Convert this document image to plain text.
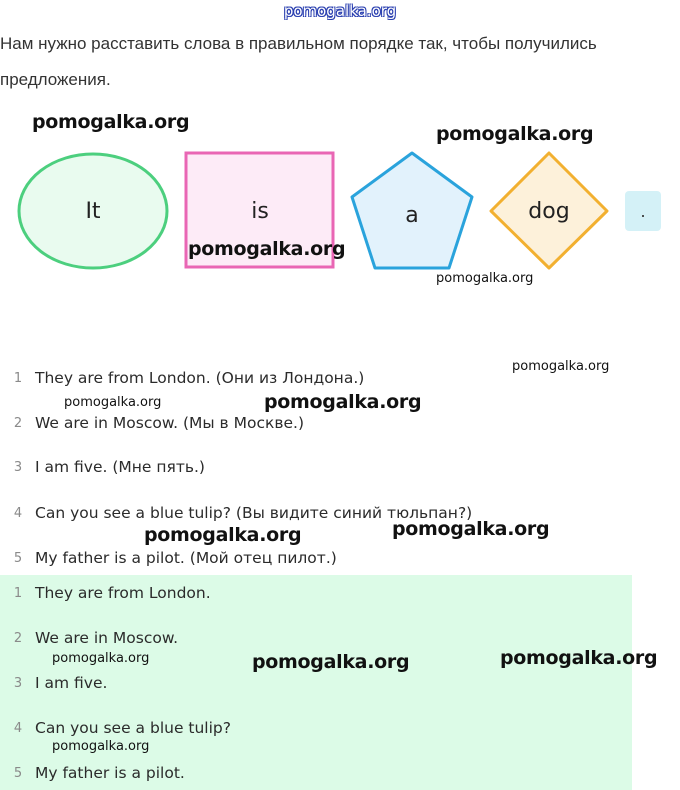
pomogalka.org
Нам нужно расставить слова в правильном порядке так, чтобы получились
предложения.
It	is	a	dog	.
1 They are from London. (Они из Лондона.)
2 We are in Moscow. (Мы в Москве.)
3 I am five. (Мне пять.)
4 Can you see a blue tulip? (Вы видите синий тюльпан?)
5 My father is a pilot. (Мой отец пилот.)
1 They are from London.
2 We are in Moscow.
3 I am five.
4 Can you see a blue tulip?
5 My father is a pilot.
pomogalka.org
pomogalka.org
pomogalka.org
pomogalka.org
pomogalka.org
pomogalka.org	pomogalka.org
pomogalka.org	pomogalka.org
pomogalka.org	pomogalka.org	pomogalka.org
pomogalka.org
